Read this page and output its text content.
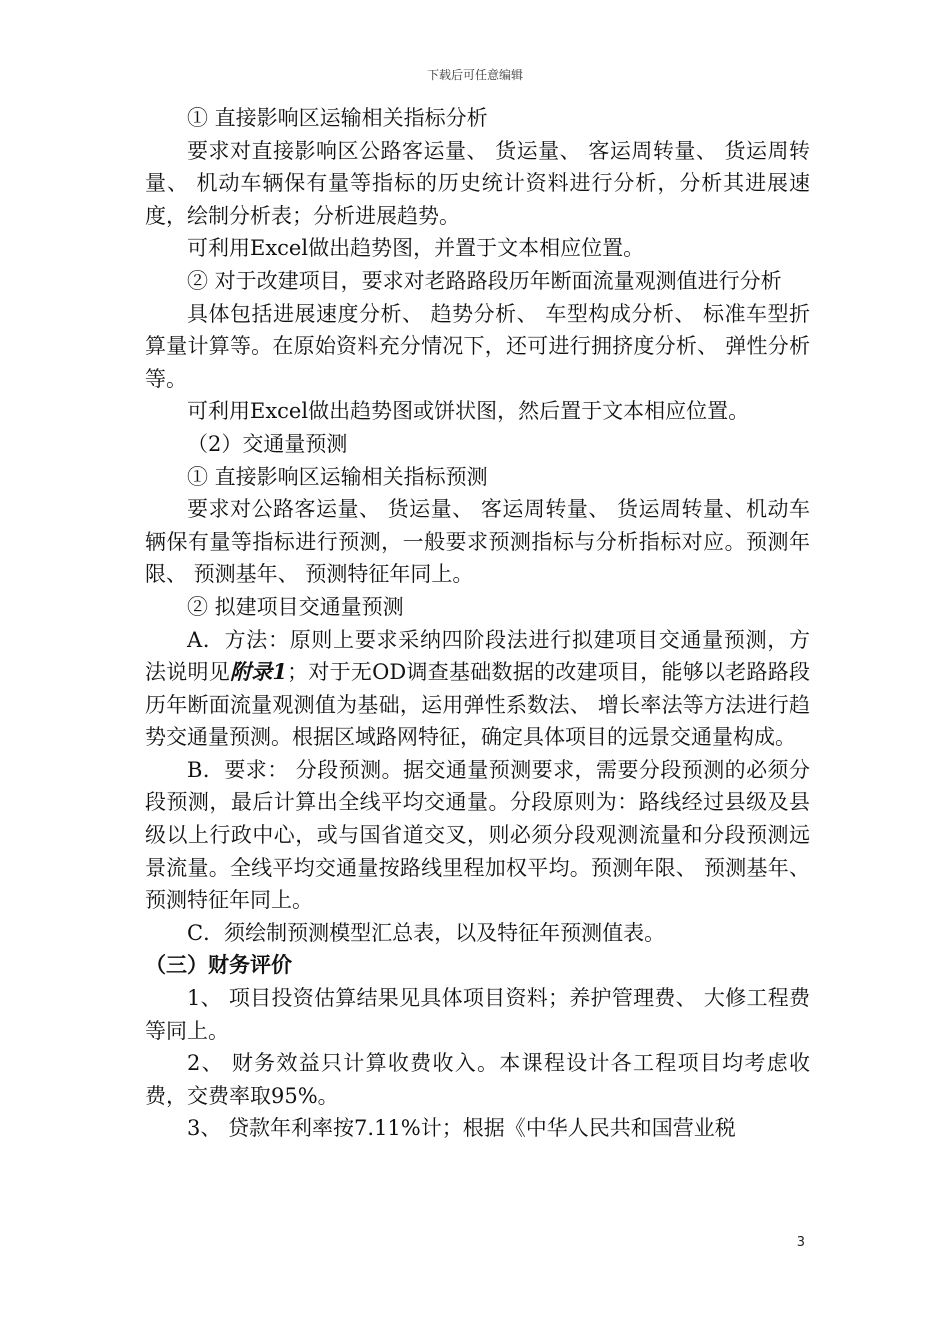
下载后可任意编辑

① 直接影响区运输相关指标分析

要求对直接影响区公路客运量、 货运量、 客运周转量、 货运周转量、 机动车辆保有量等指标的历史统计资料进行分析，分析其进展速度，绘制分析表；分析进展趋势。

可利用Excel做出趋势图，并置于文本相应位置。

② 对于改建项目，要求对老路路段历年断面流量观测值进行分析

具体包括进展速度分析、 趋势分析、 车型构成分析、 标准车型折算量计算等。在原始资料充分情况下，还可进行拥挤度分析、 弹性分析等。

可利用Excel做出趋势图或饼状图，然后置于文本相应位置。

（2）交通量预测

① 直接影响区运输相关指标预测

要求对公路客运量、 货运量、 客运周转量、 货运周转量、机动车辆保有量等指标进行预测，一般要求预测指标与分析指标对应。预测年限、 预测基年、 预测特征年同上。

② 拟建项目交通量预测

A．方法：原则上要求采纳四阶段法进行拟建项目交通量预测，方法说明见附录1；对于无OD调查基础数据的改建项目，能够以老路路段历年断面流量观测值为基础，运用弹性系数法、 增长率法等方法进行趋势交通量预测。根据区域路网特征，确定具体项目的远景交通量构成。

B．要求： 分段预测。据交通量预测要求，需要分段预测的必须分段预测，最后计算出全线平均交通量。分段原则为：路线经过县级及县级以上行政中心，或与国省道交叉，则必须分段观测流量和分段预测远景流量。全线平均交通量按路线里程加权平均。预测年限、 预测基年、 预测特征年同上。

C．须绘制预测模型汇总表，以及特征年预测值表。

（三）财务评价

1、 项目投资估算结果见具体项目资料；养护管理费、 大修工程费等同上。

2、 财务效益只计算收费收入。本课程设计各工程项目均考虑收费，交费率取95%。

3、 贷款年利率按7.11%计；根据《中华人民共和国营业税

3
